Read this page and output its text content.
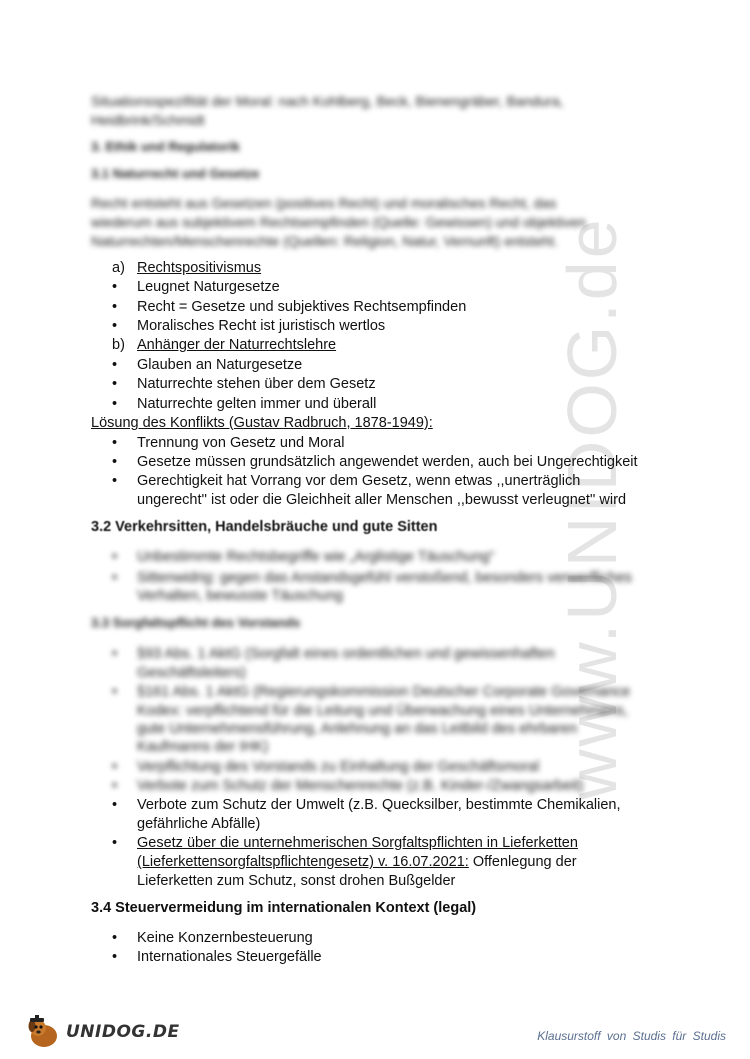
www.UNIDOG.de
Situationsspezifität der Moral: nach Kohlberg, Beck, Bienengräber, Bandura,
Heidbrink/Schmidt
3. Ethik und Regulatorik
3.1 Naturrecht und Gesetze
Recht entsteht aus Gesetzen (positives Recht) und moralisches Recht, das
wiederum aus subjektivem Rechtsempfinden (Quelle: Gewissen) und objektiven
Naturrechten/Menschenrechte (Quellen: Religion, Natur, Vernunft) entsteht.
a) Rechtspositivismus
•	Leugnet Naturgesetze
•	Recht = Gesetze und subjektives Rechtsempfinden
•	Moralisches Recht ist juristisch wertlos
b) Anhänger der Naturrechtslehre
•	Glauben an Naturgesetze
•	Naturrechte stehen über dem Gesetz
•	Naturrechte gelten immer und überall
Lösung des Konflikts (Gustav Radbruch, 1878-1949):
•	Trennung von Gesetz und Moral
•	Gesetze müssen grundsätzlich angewendet werden, auch bei Ungerechtigkeit
•	Gerechtigkeit hat Vorrang vor dem Gesetz, wenn etwas ,,unerträglich
ungerecht'' ist oder die Gleichheit aller Menschen ,,bewusst verleugnet'' wird
3.2 Verkehrsitten, Handelsbräuche und gute Sitten
•	Unbestimmte Rechtsbegriffe wie „Arglistige Täuschung“
•	Sittenwidrig: gegen das Anstandsgefühl verstoßend, besonders verwerfliches
Verhalten, bewusste Täuschung
3.3 Sorgfaltspflicht des Vorstands
•	§93 Abs. 1 AktG (Sorgfalt eines ordentlichen und gewissenhaften
Geschäftsleiters)
•	§161 Abs. 1 AktG (Regierungskommission Deutscher Corporate Governance
Kodex: verpflichtend für die Leitung und Überwachung eines Unternehmens,
gute Unternehmensführung, Anlehnung an das Leitbild des ehrbaren
Kaufmanns der IHK)
•	Verpflichtung des Vorstands zu Einhaltung der Geschäftsmoral
•	Verbote zum Schutz der Menschenrechte (z.B. Kinder-/Zwangsarbeit)
•	Verbote zum Schutz der Umwelt (z.B. Quecksilber, bestimmte Chemikalien,
gefährliche Abfälle)
•	Gesetz über die unternehmerischen Sorgfaltspflichten in Lieferketten
(Lieferkettensorgfaltspflichtengesetz) v. 16.07.2021: Offenlegung der
Lieferketten zum Schutz, sonst drohen Bußgelder
3.4 Steuervermeidung im internationalen Kontext (legal)
•	Keine Konzernbesteuerung
•	Internationales Steuergefälle
UNIDOG.DE	Klausurstoff von Studis für Studis
